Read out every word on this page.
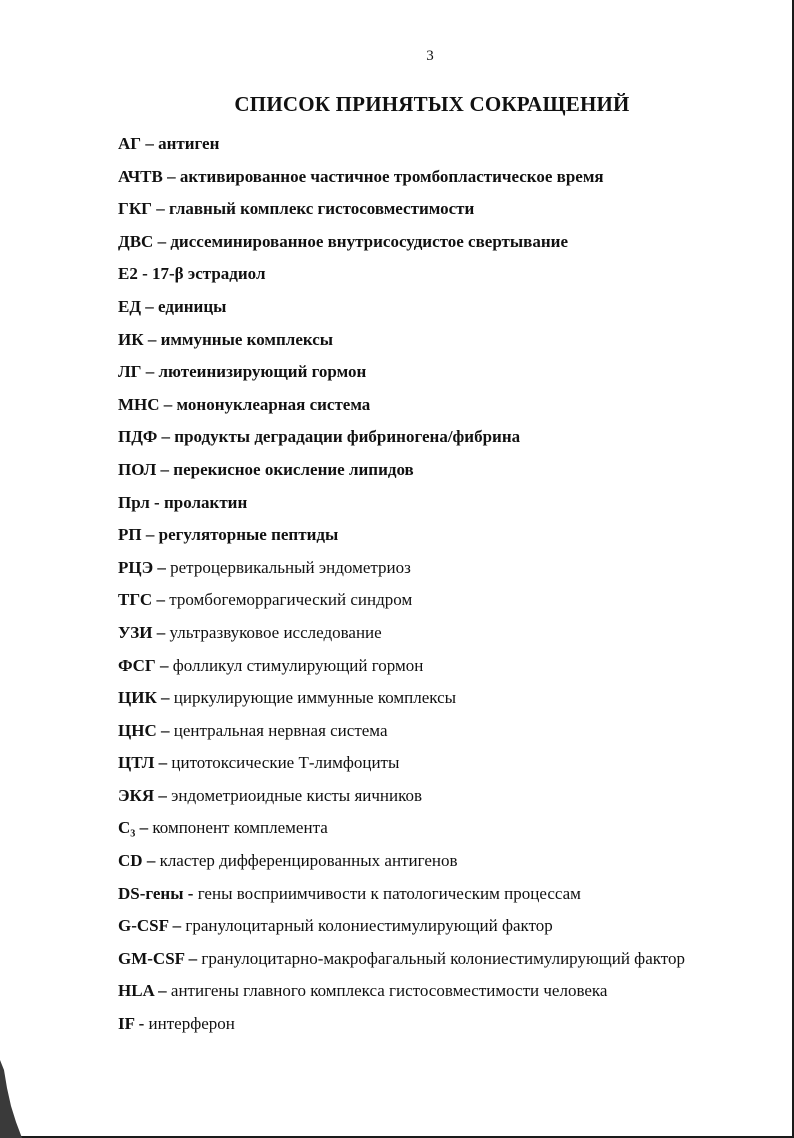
3
СПИСОК ПРИНЯТЫХ СОКРАЩЕНИЙ
АГ – антиген
АЧТВ – активированное частичное тромбопластическое время
ГКГ – главный комплекс гистосовместимости
ДВС – диссеминированное внутрисосудистое свертывание
Е2 - 17-β эстрадиол
ЕД – единицы
ИК – иммунные комплексы
ЛГ – лютеинизирующий гормон
МНС – мононуклеарная система
ПДФ – продукты деградации фибриногена/фибрина
ПОЛ – перекисное окисление липидов
Прл - пролактин
РП – регуляторные пептиды
РЦЭ – ретроцервикальный эндометриоз
ТГС – тромбогеморрагический синдром
УЗИ – ультразвуковое исследование
ФСГ – фолликул стимулирующий гормон
ЦИК – циркулирующие иммунные комплексы
ЦНС – центральная нервная система
ЦТЛ – цитотоксические Т-лимфоциты
ЭКЯ – эндометриоидные кисты яичников
С₃ – компонент комплемента
CD – кластер дифференцированных антигенов
DS-гены - гены восприимчивости к патологическим процессам
G-CSF – гранулоцитарный колониестимулирующий фактор
GM-CSF – гранулоцитарно-макрофагальный колониестимулирующий фактор
HLA – антигены главного комплекса гистосовместимости человека
IF - интерферон
